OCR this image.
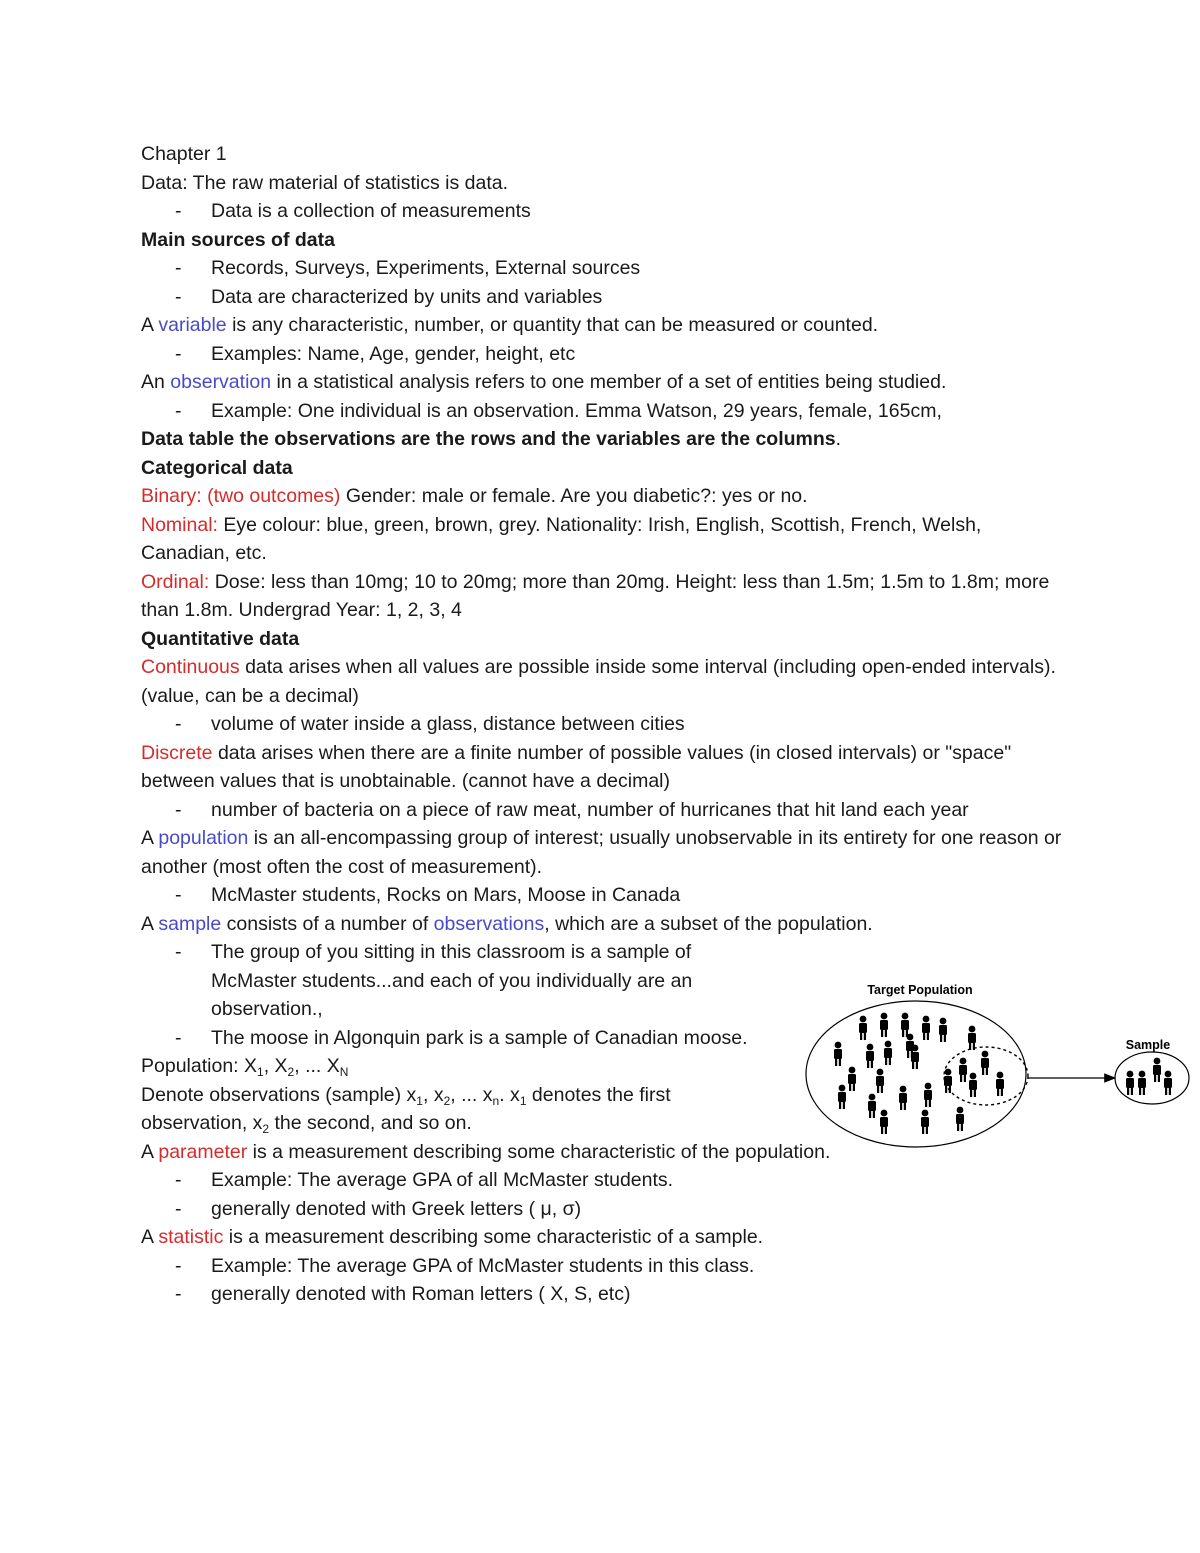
Chapter 1
Data: The raw material of statistics is data.
- Data is a collection of measurements
Main sources of data
- Records, Surveys, Experiments, External sources
- Data are characterized by units and variables
A variable is any characteristic, number, or quantity that can be measured or counted.
- Examples: Name, Age, gender, height, etc
An observation in a statistical analysis refers to one member of a set of entities being studied.
- Example: One individual is an observation. Emma Watson, 29 years, female, 165cm,
Data table the observations are the rows and the variables are the columns.
Categorical data
Binary: (two outcomes) Gender: male or female. Are you diabetic?: yes or no.
Nominal: Eye colour: blue, green, brown, grey. Nationality: Irish, English, Scottish, French, Welsh, Canadian, etc.
Ordinal: Dose: less than 10mg; 10 to 20mg; more than 20mg. Height: less than 1.5m; 1.5m to 1.8m; more than 1.8m. Undergrad Year: 1, 2, 3, 4
Quantitative data
Continuous data arises when all values are possible inside some interval (including open-ended intervals). (value, can be a decimal)
- volume of water inside a glass, distance between cities
Discrete data arises when there are a finite number of possible values (in closed intervals) or "space" between values that is unobtainable. (cannot have a decimal)
- number of bacteria on a piece of raw meat, number of hurricanes that hit land each year
A population is an all-encompassing group of interest; usually unobservable in its entirety for one reason or another (most often the cost of measurement).
- McMaster students, Rocks on Mars, Moose in Canada
A sample consists of a number of observations, which are a subset of the population.
- The group of you sitting in this classroom is a sample of McMaster students...and each of you individually are an observation.,
- The moose in Algonquin park is a sample of Canadian moose.
Population: $X_1$, $X_2$, ... $X_N$
Denote observations (sample) $x_1$, $x_2$, ... $x_n$. $x_1$ denotes the first observation, $x_2$ the second, and so on.
A parameter is a measurement describing some characteristic of the population.
- Example: The average GPA of all McMaster students.
- generally denoted with Greek letters ( μ, σ)
A statistic is a measurement describing some characteristic of a sample.
- Example: The average GPA of McMaster students in this class.
- generally denoted with Roman letters ( X, S, etc)
Target Population
Sample
